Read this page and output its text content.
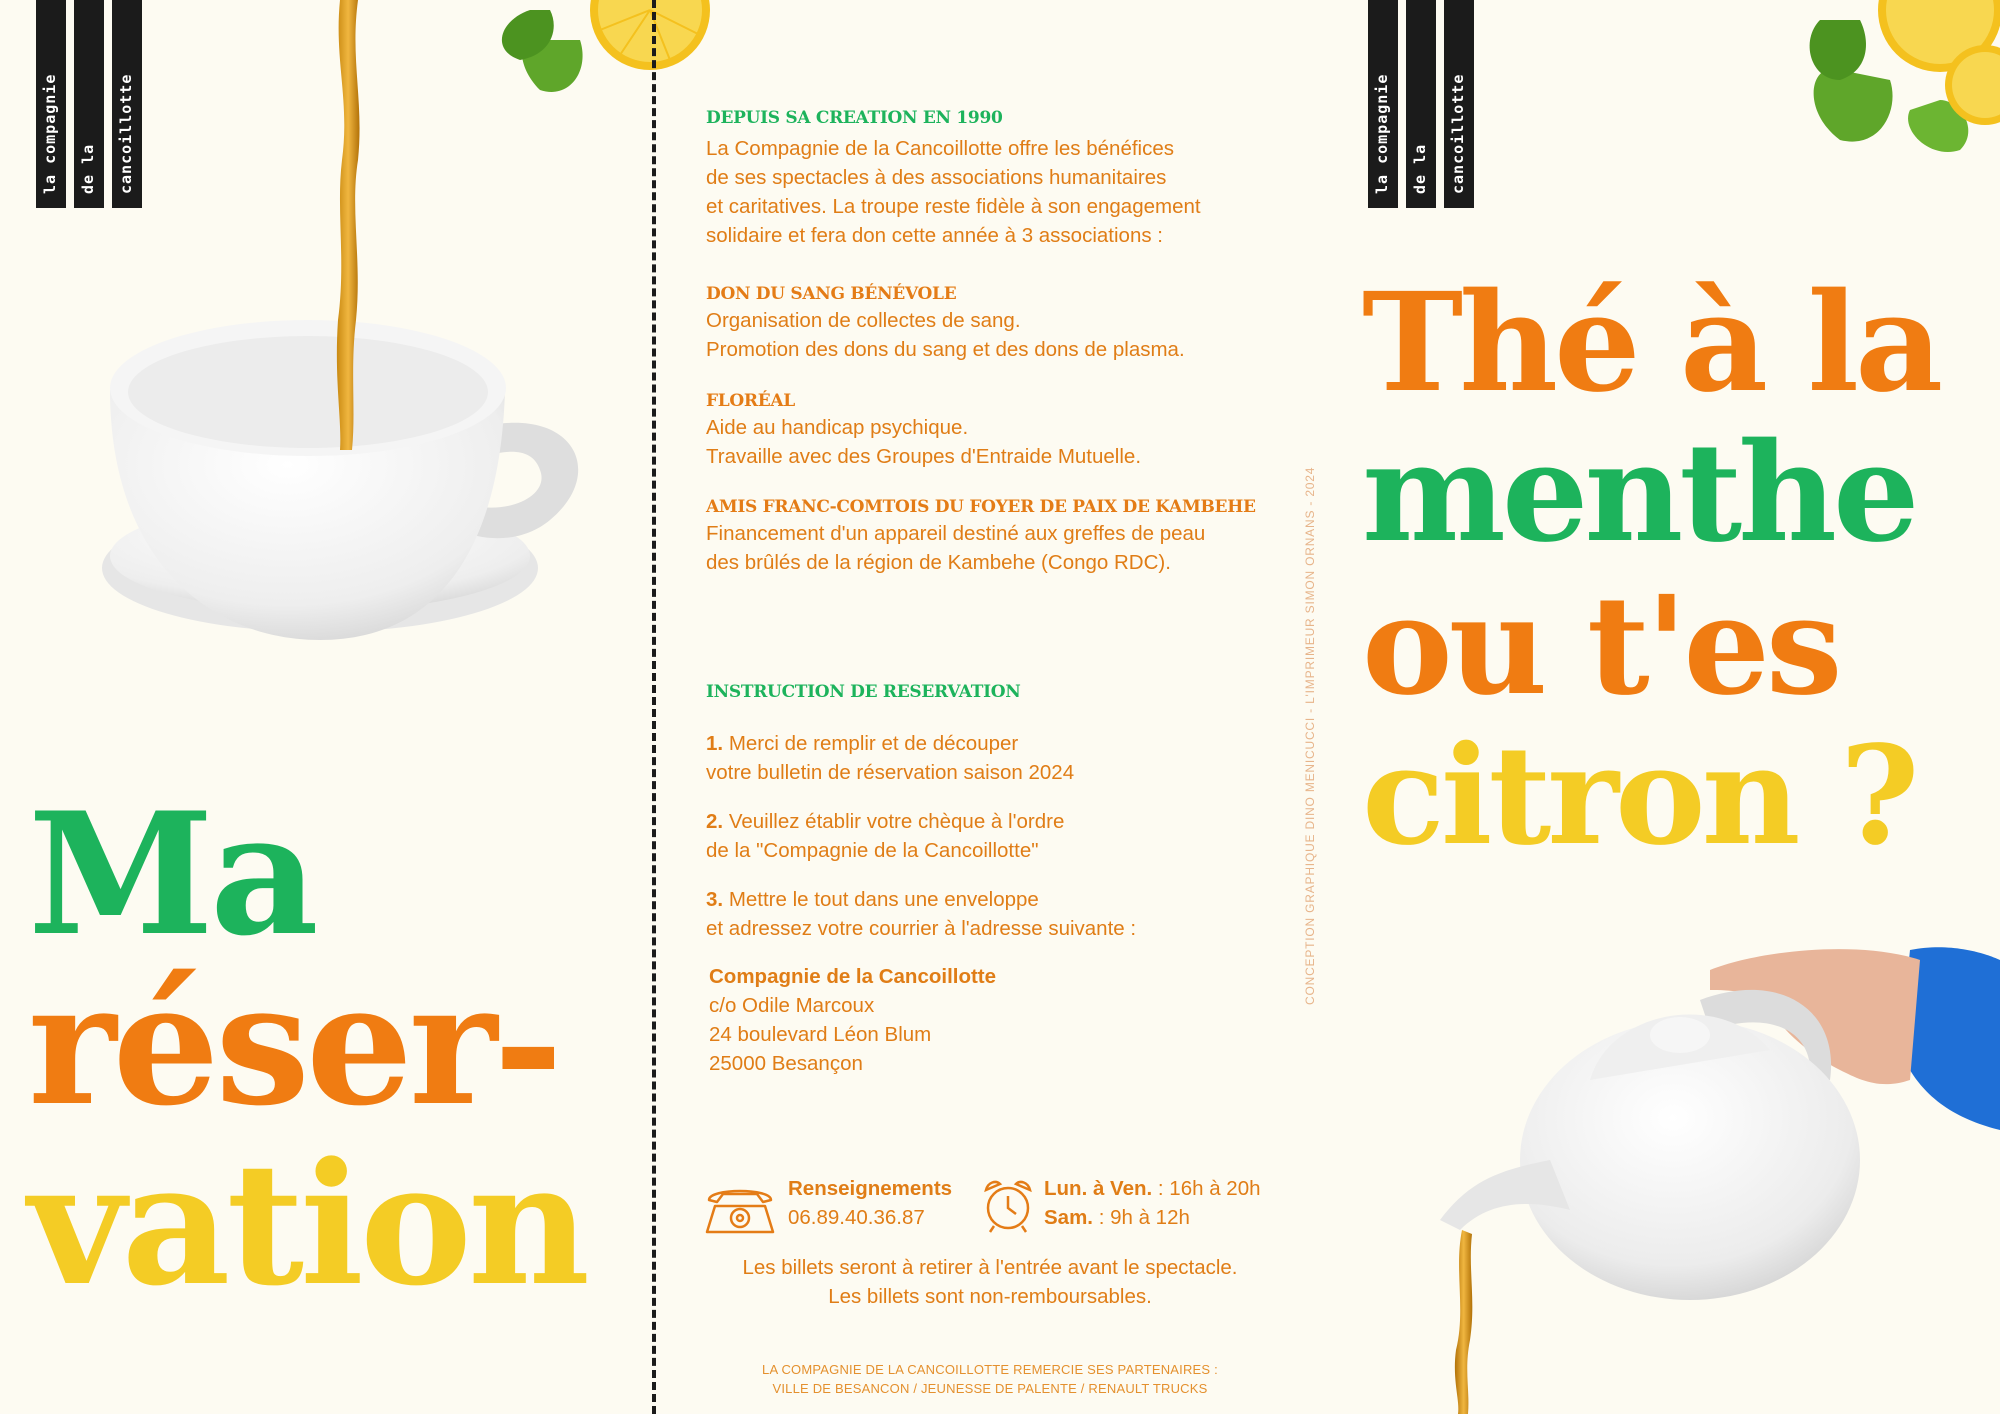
la compagnie de la cancoillotte
Ma
réser-
vation
DEPUIS SA CREATION EN 1990
La Compagnie de la Cancoillotte offre les bénéfices
de ses spectacles à des associations humanitaires
et caritatives. La troupe reste fidèle à son engagement
solidaire et fera don cette année à 3 associations :
DON DU SANG BÉNÉVOLE
Organisation de collectes de sang.
Promotion des dons du sang et des dons de plasma.
FLORÉAL
Aide au handicap psychique.
Travaille avec des Groupes d'Entraide Mutuelle.
AMIS FRANC-COMTOIS DU FOYER DE PAIX DE KAMBEHE
Financement d'un appareil destiné aux greffes de peau
des brûlés de la région de Kambehe (Congo RDC).
INSTRUCTION DE RESERVATION
1. Merci de remplir et de découper
votre bulletin de réservation saison 2024
2. Veuillez établir votre chèque à l'ordre
de la "Compagnie de la Cancoillotte"
3. Mettre le tout dans une enveloppe
et adressez votre courrier à l'adresse suivante :
Compagnie de la Cancoillotte
c/o Odile Marcoux
24 boulevard Léon Blum
25000 Besançon
Renseignements
06.89.40.36.87
Lun. à Ven. : 16h à 20h
Sam. : 9h à 12h
Les billets seront à retirer à l'entrée avant le spectacle.
Les billets sont non-remboursables.
LA COMPAGNIE DE LA CANCOILLOTTE REMERCIE SES PARTENAIRES :
VILLE DE BESANCON / JEUNESSE DE PALENTE / RENAULT TRUCKS
CONCEPTION GRAPHIQUE DINO MENICUCCI - L'IMPRIMEUR SIMON ORNANS - 2024
la compagnie de la cancoillotte
Thé à la
menthe
ou t'es
citron ?
